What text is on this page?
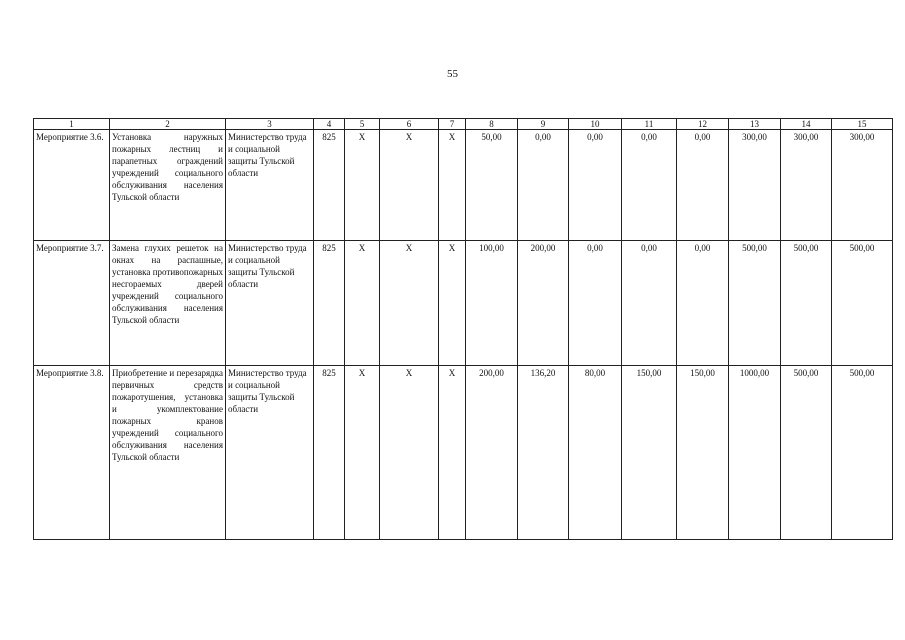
55
1	2	3	4	5	6	7	8	9	10	11	12	13	14	15
Мероприятие 3.6.	Установка наружных пожарных лестниц и парапетных ограждений учреждений социального обслуживания населения Тульской области	Министерство труда и социальной защиты Тульской области	825	X	X	X	50,00	0,00	0,00	0,00	0,00	300,00	300,00	300,00
Мероприятие 3.7.	Замена глухих решеток на окнах на распашные, установка противопожарных несгораемых дверей учреждений социального обслуживания населения Тульской области	Министерство труда и социальной защиты Тульской области	825	X	X	X	100,00	200,00	0,00	0,00	0,00	500,00	500,00	500,00
Мероприятие 3.8.	Приобретение и перезарядка первичных средств пожаротушения, установка и укомплектование пожарных кранов учреждений социального обслуживания населения Тульской области	Министерство труда и социальной защиты Тульской области	825	X	X	X	200,00	136,20	80,00	150,00	150,00	1000,00	500,00	500,00
